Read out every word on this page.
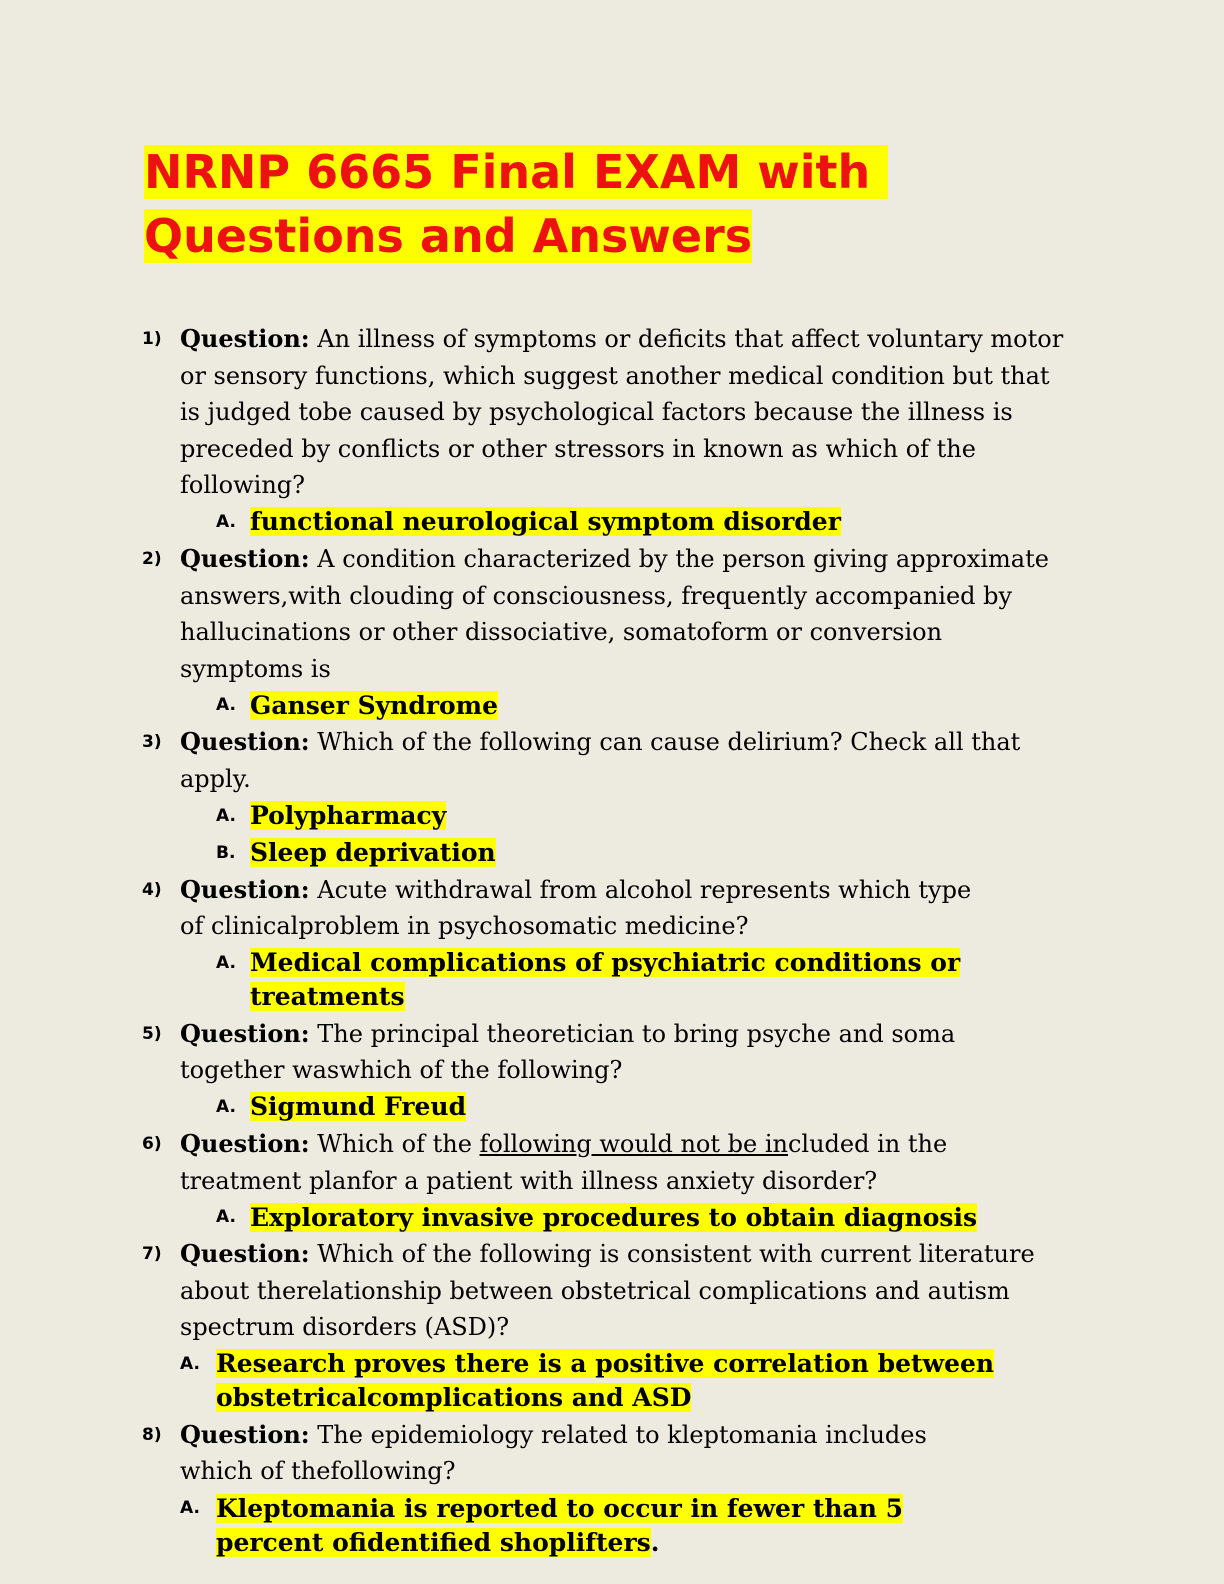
NRNP 6665 Final EXAM with
Questions and Answers
1) Question: An illness of symptoms or deficits that affect voluntary motor or sensory functions, which suggest another medical condition but that is judged tobe caused by psychological factors because the illness is preceded by conflicts or other stressors in known as which of the following?

A. functional neurological symptom disorder
2) Question: A condition characterized by the person giving approximate answers,with clouding of consciousness, frequently accompanied by hallucinations or other dissociative, somatoform or conversion symptoms is

A. Ganser Syndrome
3) Question: Which of the following can cause delirium? Check all that apply.

A. Polypharmacy
B. Sleep deprivation
4) Question: Acute withdrawal from alcohol represents which type
of clinicalproblem in psychosomatic medicine?

A. Medical complications of psychiatric conditions or treatments
5) Question: The principal theoretician to bring psyche and soma
together waswhich of the following?

A. Sigmund Freud
6) Question: Which of the following would not be included in the treatment planfor a patient with illness anxiety disorder?

A. Exploratory invasive procedures to obtain diagnosis
7) Question: Which of the following is consistent with current literature about therelationship between obstetrical complications and autism spectrum disorders (ASD)?

A. Research proves there is a positive correlation between obstetricalcomplications and ASD
8) Question: The epidemiology related to kleptomania includes
which of thefollowing?

A. Kleptomania is reported to occur in fewer than 5
percent ofidentified shoplifters.
